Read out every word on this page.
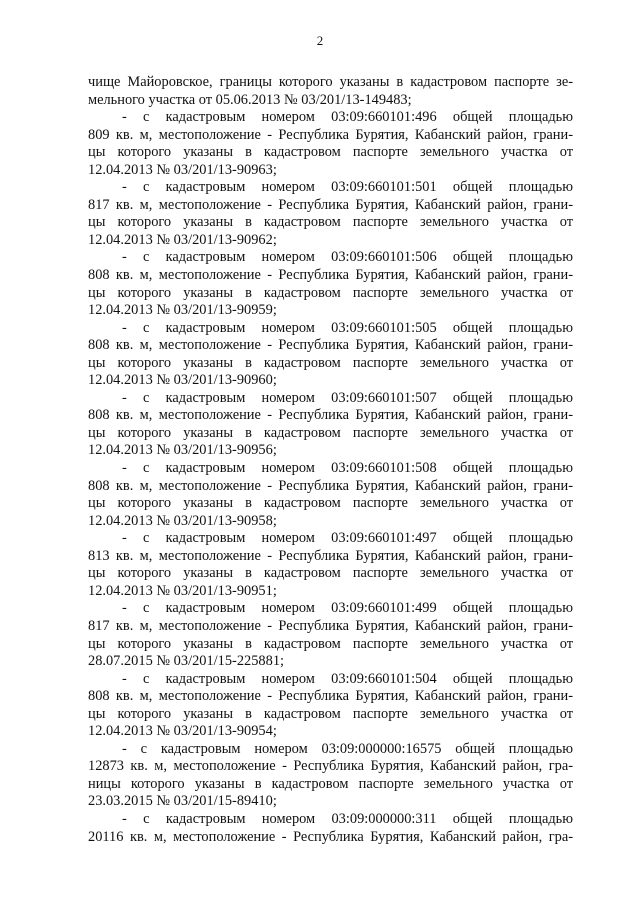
2
чище Майоровское, границы которого указаны в кадастровом паспорте зе-
мельного участка от 05.06.2013 № 03/201/13-149483;
- с кадастровым номером 03:09:660101:496 общей площадью
809 кв. м, местоположение - Республика Бурятия, Кабанский район, грани-
цы которого указаны в кадастровом паспорте земельного участка от
12.04.2013 № 03/201/13-90963;
- с кадастровым номером 03:09:660101:501 общей площадью
817 кв. м, местоположение - Республика Бурятия, Кабанский район, грани-
цы которого указаны в кадастровом паспорте земельного участка от
12.04.2013 № 03/201/13-90962;
- с кадастровым номером 03:09:660101:506 общей площадью
808 кв. м, местоположение - Республика Бурятия, Кабанский район, грани-
цы которого указаны в кадастровом паспорте земельного участка от
12.04.2013 № 03/201/13-90959;
- с кадастровым номером 03:09:660101:505 общей площадью
808 кв. м, местоположение - Республика Бурятия, Кабанский район, грани-
цы которого указаны в кадастровом паспорте земельного участка от
12.04.2013 № 03/201/13-90960;
- с кадастровым номером 03:09:660101:507 общей площадью
808 кв. м, местоположение - Республика Бурятия, Кабанский район, грани-
цы которого указаны в кадастровом паспорте земельного участка от
12.04.2013 № 03/201/13-90956;
- с кадастровым номером 03:09:660101:508 общей площадью
808 кв. м, местоположение - Республика Бурятия, Кабанский район, грани-
цы которого указаны в кадастровом паспорте земельного участка от
12.04.2013 № 03/201/13-90958;
- с кадастровым номером 03:09:660101:497 общей площадью
813 кв. м, местоположение - Республика Бурятия, Кабанский район, грани-
цы которого указаны в кадастровом паспорте земельного участка от
12.04.2013 № 03/201/13-90951;
- с кадастровым номером 03:09:660101:499 общей площадью
817 кв. м, местоположение - Республика Бурятия, Кабанский район, грани-
цы которого указаны в кадастровом паспорте земельного участка от
28.07.2015 № 03/201/15-225881;
- с кадастровым номером 03:09:660101:504 общей площадью
808 кв. м, местоположение - Республика Бурятия, Кабанский район, грани-
цы которого указаны в кадастровом паспорте земельного участка от
12.04.2013 № 03/201/13-90954;
- с кадастровым номером 03:09:000000:16575 общей площадью
12873 кв. м, местоположение - Республика Бурятия, Кабанский район, гра-
ницы которого указаны в кадастровом паспорте земельного участка от
23.03.2015 № 03/201/15-89410;
- с кадастровым номером 03:09:000000:311 общей площадью
20116 кв. м, местоположение - Республика Бурятия, Кабанский район, гра-
